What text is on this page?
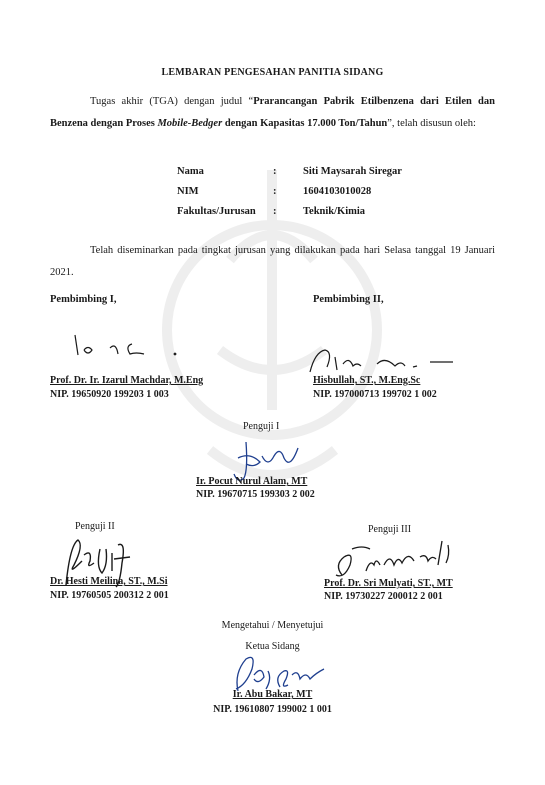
LEMBARAN PENGESAHAN PANITIA SIDANG
Tugas akhir (TGA) dengan judul “Prarancangan Pabrik Etilbenzena dari Etilen dan Benzena dengan Proses Mobile-Bedger dengan Kapasitas 17.000 Ton/Tahun”, telah disusun oleh:
Nama	:	Siti Maysarah Siregar
NIM	:	1604103010028
Fakultas/Jurusan	:	Teknik/Kimia
Telah diseminarkan pada tingkat jurusan yang dilakukan pada hari Selasa tanggal 19 Januari 2021.
Pembimbing I,
Prof. Dr. Ir. Izarul Machdar, M.Eng
NIP. 19650920 199203 1 003
Pembimbing II,
Hisbullah, ST., M.Eng.Sc
NIP. 197000713 199702 1 002
Penguji I
Ir. Pocut Nurul Alam, MT
NIP. 19670715 199303 2 002
Penguji II
Dr. Hesti Meilina, ST., M.Si
NIP. 19760505 200312 2 001
Penguji III
Prof. Dr. Sri Mulyati, ST., MT
NIP. 19730227 200012 2 001
Mengetahui / Menyetujui
Ketua Sidang
Ir. Abu Bakar, MT
NIP. 19610807 199002 1 001
